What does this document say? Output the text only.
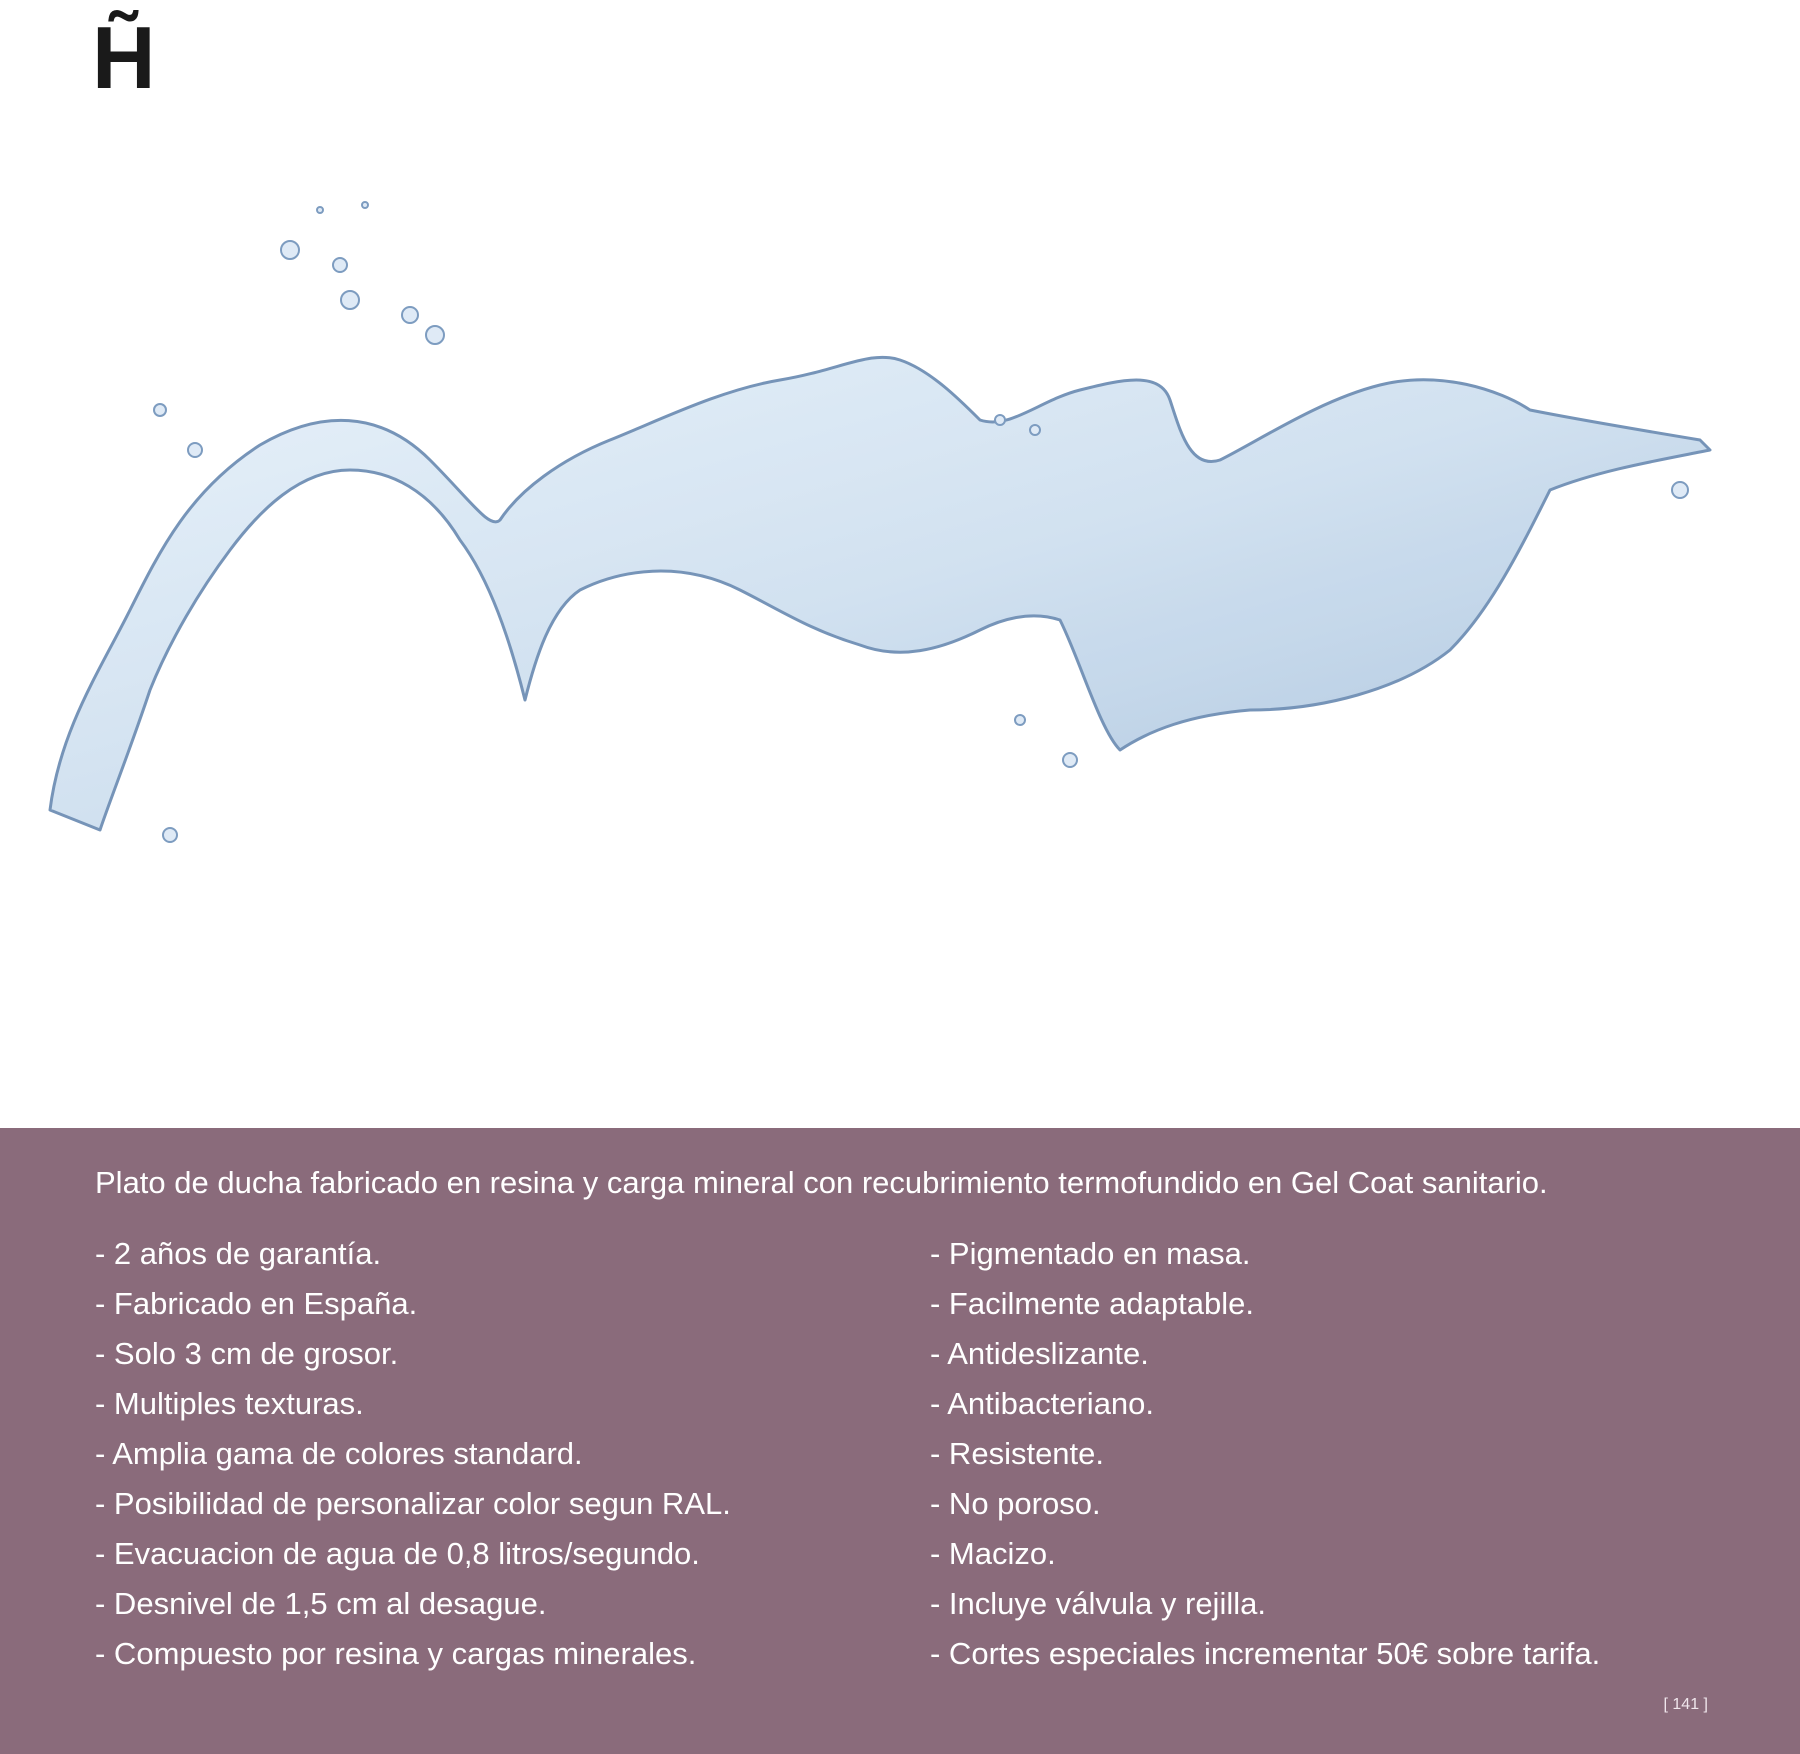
H̃
Plato de ducha fabricado en resina y carga mineral con recubrimiento termofundido en Gel Coat sanitario.
- 2 años de garantía.
- Fabricado en España.
- Solo 3 cm de grosor.
- Multiples texturas.
- Amplia gama de colores standard.
- Posibilidad de personalizar color segun RAL.
- Evacuacion de agua de 0,8 litros/segundo.
- Desnivel de 1,5 cm al desague.
- Compuesto por resina y cargas minerales.
- Pigmentado en masa.
- Facilmente adaptable.
- Antideslizante.
- Antibacteriano.
- Resistente.
- No poroso.
- Macizo.
- Incluye válvula y rejilla.
- Cortes especiales incrementar 50€ sobre tarifa.
[ 141 ]
